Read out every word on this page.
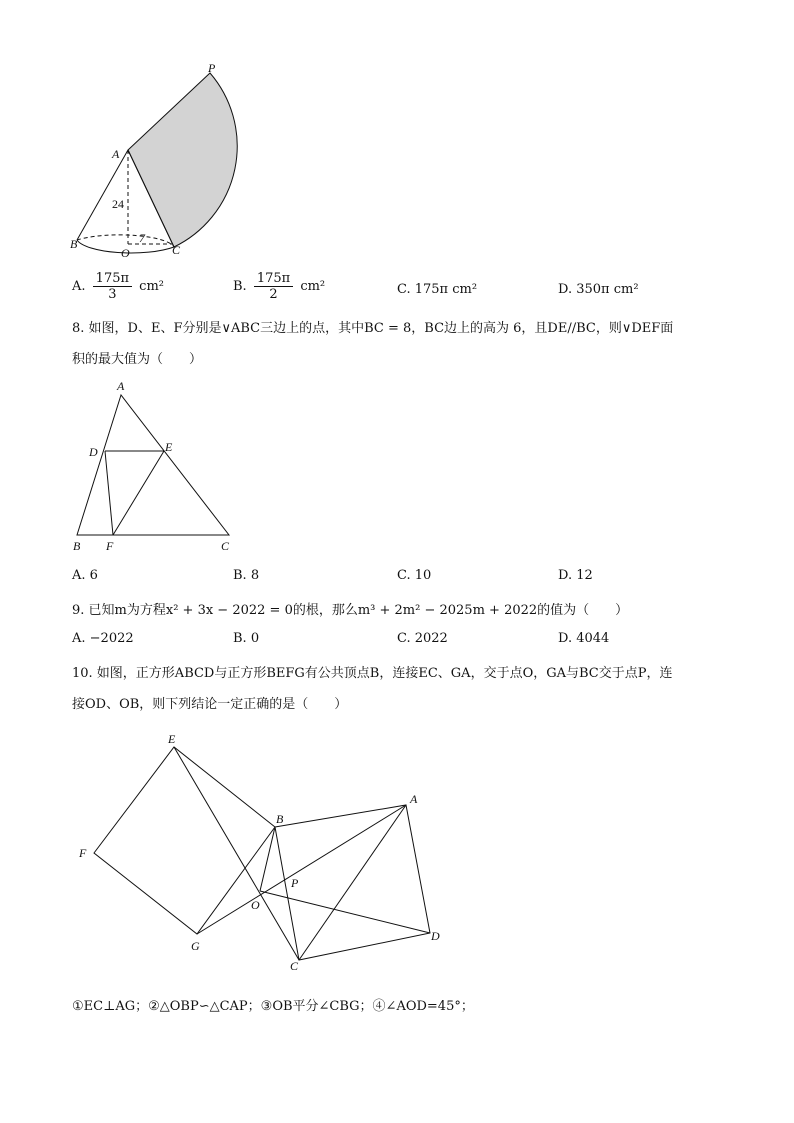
P
A
B
O	C
24
7
A. $\frac{175\pi}{3} cm^2$	B. $\frac{175\pi}{2} cm^2$	C. 175π cm²	D. 350π cm²
8. 如图，D、E、F分别是∨ABC三边上的点，其中BC = 8，BC边上的高为 6，且DE//BC，则∨DEF面
积的最大值为（　　）
A
D	E
B F	C
A. 6	B. 8	C. 10	D. 12
9. 已知m为方程x² + 3x − 2022 = 0的根，那么m³ + 2m² − 2025m + 2022的值为（　　）
A. −2022	B. 0	C. 2022	D. 4044
10. 如图，正方形ABCD与正方形BEFG有公共顶点B，连接EC、GA，交于点O，GA与BC交于点P，连
接OD、OB，则下列结论一定正确的是（　　）
E
F
G
B
A
P
O
C
D
①EC⊥AG；②△OBP∽△CAP；③OB平分∠CBG；④∠AOD=45°；
